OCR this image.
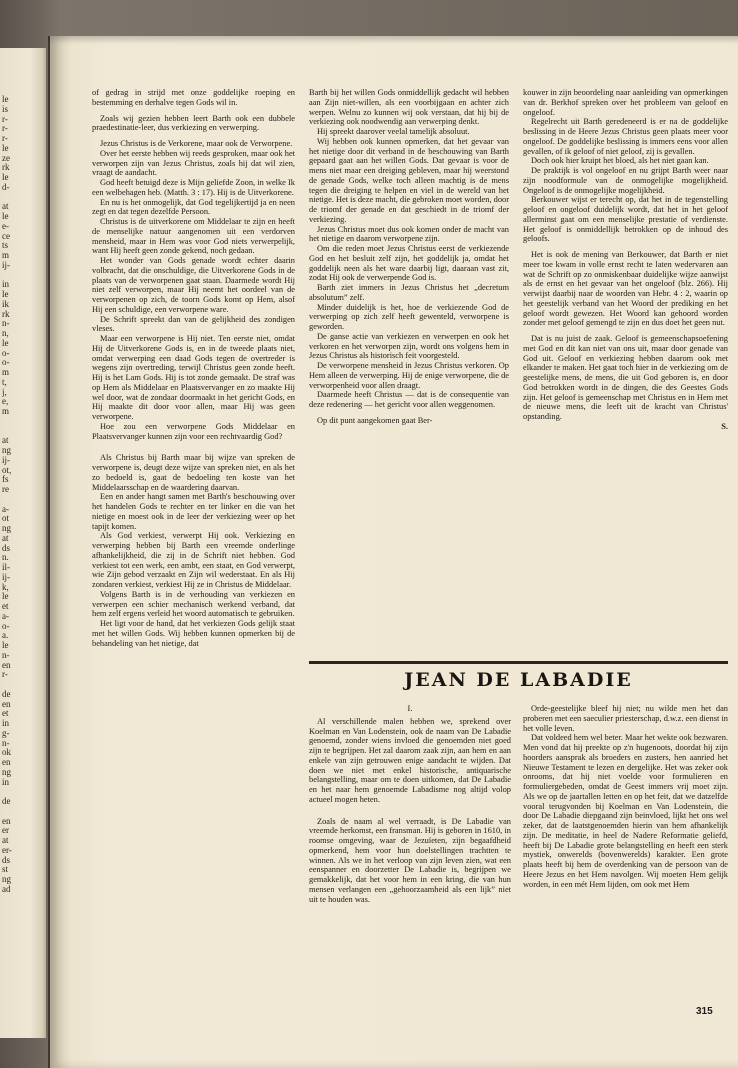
le
is
r-
r-
r-
le
ze
rk
le
d-
at
le
e-
ce
ts
m
ij-
in
le
ik
rk
n-
n,
le
o-
o-
m
t,
j,
e,
m
at
ng
ij-
ot,
fs
re
a-
ot
ng
at
ds
n.
il-
ij-
k,
le
et
a-
o-
a.
le
n-
en
r-
de
en
et
in
g-
n-
ok
en
ng
in
de
en
er
at
er-
ds
st
ng
ad

of gedrag in strijd met onze goddelijke roeping en bestemming en derhalve tegen Gods wil in.

Zoals wij gezien hebben leert Barth ook een dubbele praedestinatie-leer, dus verkiezing en verwerping.

Jezus Christus is de Verkorene, maar ook de Verworpene.

Over het eerste hebben wij reeds gesproken, maar ook het verworpen zijn van Jezus Christus, zoals hij dat wil zien, vraagt de aandacht.

God heeft betuigd deze is Mijn geliefde Zoon, in welke Ik een welbehagen heb. (Matth. 3 : 17). Hij is de Uitverkorene.

En nu is het onmogelijk, dat God tegelijkertijd ja en neen zegt en dat tegen dezelfde Persoon.

Christus is de uitverkorene om Middelaar te zijn en heeft de menselijke natuur aangenomen uit een verdorven mensheid, maar in Hem was voor God niets verwerpelijk, want Hij heeft geen zonde gekend, noch gedaan.

Het wonder van Gods genade wordt echter daarin volbracht, dat die onschuldige, die Uitverkorene Gods in de plaats van de verworpenen gaat staan. Daarmede wordt Hij niet zelf verworpen, maar Hij neemt het oordeel van de verworpenen op zich, de toorn Gods komt op Hem, alsof Hij een schuldige, een verworpene ware.

De Schrift spreekt dan van de gelijkheid des zondigen vleses.

Maar een verworpene is Hij niet. Ten eerste niet, omdat Hij de Uitverkorene Gods is, en in de tweede plaats niet, omdat verwerping een daad Gods tegen de overtreder is wegens zijn overtreding, terwijl Christus geen zonde heeft. Hij is het Lam Gods. Hij is tot zonde gemaakt. De straf was op Hem als Middelaar en Plaatsvervanger en zo maakte Hij wel door, wat de zondaar doormaakt in het gericht Gods, en Hij maakte dit door voor allen, maar Hij was geen verworpene.

Hoe zou een verworpene Gods Middelaar en Plaatsvervanger kunnen zijn voor een rechtvaardig God?

Als Christus bij Barth maar bij wijze van spreken de verworpene is, deugt deze wijze van spreken niet, en als het zo bedoeld is, gaat de bedoeling ten koste van het Middelaarsschap en de waardering daarvan.

Een en ander hangt samen met Barth's beschouwing over het handelen Gods te rechter en ter linker en die van het nietige en moest ook in de leer der verkiezing weer op het tapijt komen.

Als God verkiest, verwerpt Hij ook. Verkiezing en verwerping hebben bij Barth een vreemde onderlinge afhankelijkheid, die zij in de Schrift niet hebben. God verkiest tot een werk, een ambt, een staat, en God verwerpt, wie Zijn gebod verzaakt en Zijn wil wederstaat. En als Hij zondaren verkiest, verkiest Hij ze in Christus de Middelaar.

Volgens Barth is in de verhouding van verkiezen en verwerpen een schier mechanisch werkend verband, dat hem zelf ergens verleid het woord automatisch te gebruiken.

Het ligt voor de hand, dat het verkiezen Gods gelijk staat met het willen Gods. Wij hebben kunnen opmerken bij de behandeling van het nietige, dat

Barth bij het willen Gods onmiddellijk gedacht wil hebben aan Zijn niet-willen, als een voorbijgaan en achter zich werpen. Welnu zo kunnen wij ook verstaan, dat hij bij de verkiezing ook noodwendig aan verwerping denkt.

Hij spreekt daarover veelal tamelijk absoluut.

Wij hebben ook kunnen opmerken, dat het gevaar van het nietige door dit verband in de beschouwing van Barth gepaard gaat aan het willen Gods. Dat gevaar is voor de mens niet maar een dreiging gebleven, maar hij weerstond de genade Gods, welke toch alleen machtig is de mens tegen die dreiging te helpen en viel in de wereld van het nietige. Het is deze macht, die gebroken moet worden, door de triomf der genade en dat geschiedt in de triomf der verkiezing.

Jezus Christus moet dus ook komen onder de macht van het nietige en daarom verworpene zijn.

Om die reden moet Jezus Christus eerst de verkiezende God en het besluit zelf zijn, het goddelijk ja, omdat het goddelijk neen als het ware daarbij ligt, daaraan vast zit, zodat Hij ook de verwerpende God is.

Barth ziet immers in Jezus Christus het „decretum absolutum” zelf.

Minder duidelijk is het, hoe de verkiezende God de verwerping op zich zelf heeft gewenteld, verworpene is geworden.

De ganse actie van verkiezen en verwerpen en ook het verkoren en het verworpen zijn, wordt ons volgens hem in Jezus Christus als historisch feit voorgesteld.

De verworpene mensheid in Jezus Christus verkoren. Op Hem alleen de verwerping. Hij de enige verworpene, die de verworpenheid voor allen draagt.

Daarmede heeft Christus — dat is de consequentie van deze redenering — het gericht voor allen weggenomen.

Op dit punt aangekomen gaat Ber-

kouwer in zijn beoordeling naar aanleiding van opmerkingen van dr. Berkhof spreken over het probleem van geloof en ongeloof.

Regelrecht uit Barth geredeneerd is er na de goddelijke beslissing in de Heere Jezus Christus geen plaats meer voor ongeloof. De goddelijke beslissing is immers eens voor allen gevallen, of ik geloof of niet geloof, zij is gevallen.

Doch ook hier kruipt het bloed, als het niet gaan kan.

De praktijk is vol ongeloof en nu grijpt Barth weer naar zijn noodformule van de onmogelijke mogelijkheid. Ongeloof is de onmogelijke mogelijkheid.

Berkouwer wijst er terecht op, dat het in de tegenstelling geloof en ongeloof duidelijk wordt, dat het in het geloof allerminst gaat om een menselijke prestatie of verdienste. Het geloof is onmiddellijk betrokken op de inhoud des geloofs.

Het is ook de mening van Berkouwer, dat Barth er niet meer toe kwam in volle ernst recht te laten wedervaren aan wat de Schrift op zo onmiskenbaar duidelijke wijze aanwijst als de ernst en het gevaar van het ongeloof (blz. 266). Hij verwijst daarbij naar de woorden van Hebr. 4 : 2, waarin op het geestelijk verband van het Woord der prediking en het geloof wordt gewezen. Het Woord kan gehoord worden zonder met geloof gemengd te zijn en dus doet het geen nut.

Dat is nu juist de zaak. Geloof is gemeenschapsoefening met God en dit kan niet van ons uit, maar door genade van God uit. Geloof en verkiezing hebben daarom ook met elkander te maken. Het gaat toch hier in de verkiezing om de geestelijke mens, de mens, die uit God geboren is, en door God betrokken wordt in de dingen, die des Geestes Gods zijn. Het geloof is gemeenschap met Christus en in Hem met de nieuwe mens, die leeft uit de kracht van Christus' opstanding.

S.

JEAN DE LABADIE
I.

Al verschillende malen hebben we, sprekend over Koelman en Van Lodenstein, ook de naam van De Labadie genoemd, zonder wiens invloed die genoemden niet goed zijn te begrijpen. Het zal daarom zaak zijn, aan hem en aan enkele van zijn getrouwen enige aandacht te wijden. Dat doen we niet met enkel historische, antiquarische belangstelling, maar om te doen uitkomen, dat De Labadie en het naar hem genoemde Labadisme nog altijd volop actueel mogen heten.

Zoals de naam al wel verraadt, is De Labadie van vreemde herkomst, een fransman. Hij is geboren in 1610, in roomse omgeving, waar de Jezuïeten, zijn begaafdheid opmerkend, hem voor hun doelstellingen trachtten te winnen. Als we in het verloop van zijn leven zien, wat een eenspanner en doorzetter De Labadie is, begrijpen we gemakkelijk, dat het voor hem in een kring, die van hun mensen verlangen een „gehoorzaamheid als een lijk” niet uit te houden was.

Orde-geestelijke bleef hij niet; nu wilde men het dan proberen met een saeculier priesterschap, d.w.z. een dienst in het volle leven.

Dat voldeed hem wel beter. Maar het wekte ook bezwaren. Men vond dat hij preekte op z'n hugenoots, doordat hij zijn hoorders aansprak als broeders en zusters, hen aanried het Nieuwe Testament te lezen en dergelijke. Het was zeker ook onrooms, dat hij niet voelde voor formulieren en formuliergebeden, omdat de Geest immers vrij moet zijn. Als we op de jaartallen letten en op het feit, dat we datzelfde vooral terugvonden bij Koelman en Van Lodenstein, die door De Labadie diepgaand zijn beinvloed, lijkt het ons wel zeker, dat de laatstgenoemden hierin van hem afhankelijk zijn. De meditatie, in heel de Nadere Reformatie geliefd, heeft bij De Labadie grote belangstelling en heeft een sterk mystiek, onwerelds (bovenwerelds) karakter. Een grote plaats heeft bij hem de overdenking van de persoon van de Heere Jezus en het Hem navolgen. Wij moeten Hem gelijk worden, in een mét Hem lijden, om ook met Hem

315
